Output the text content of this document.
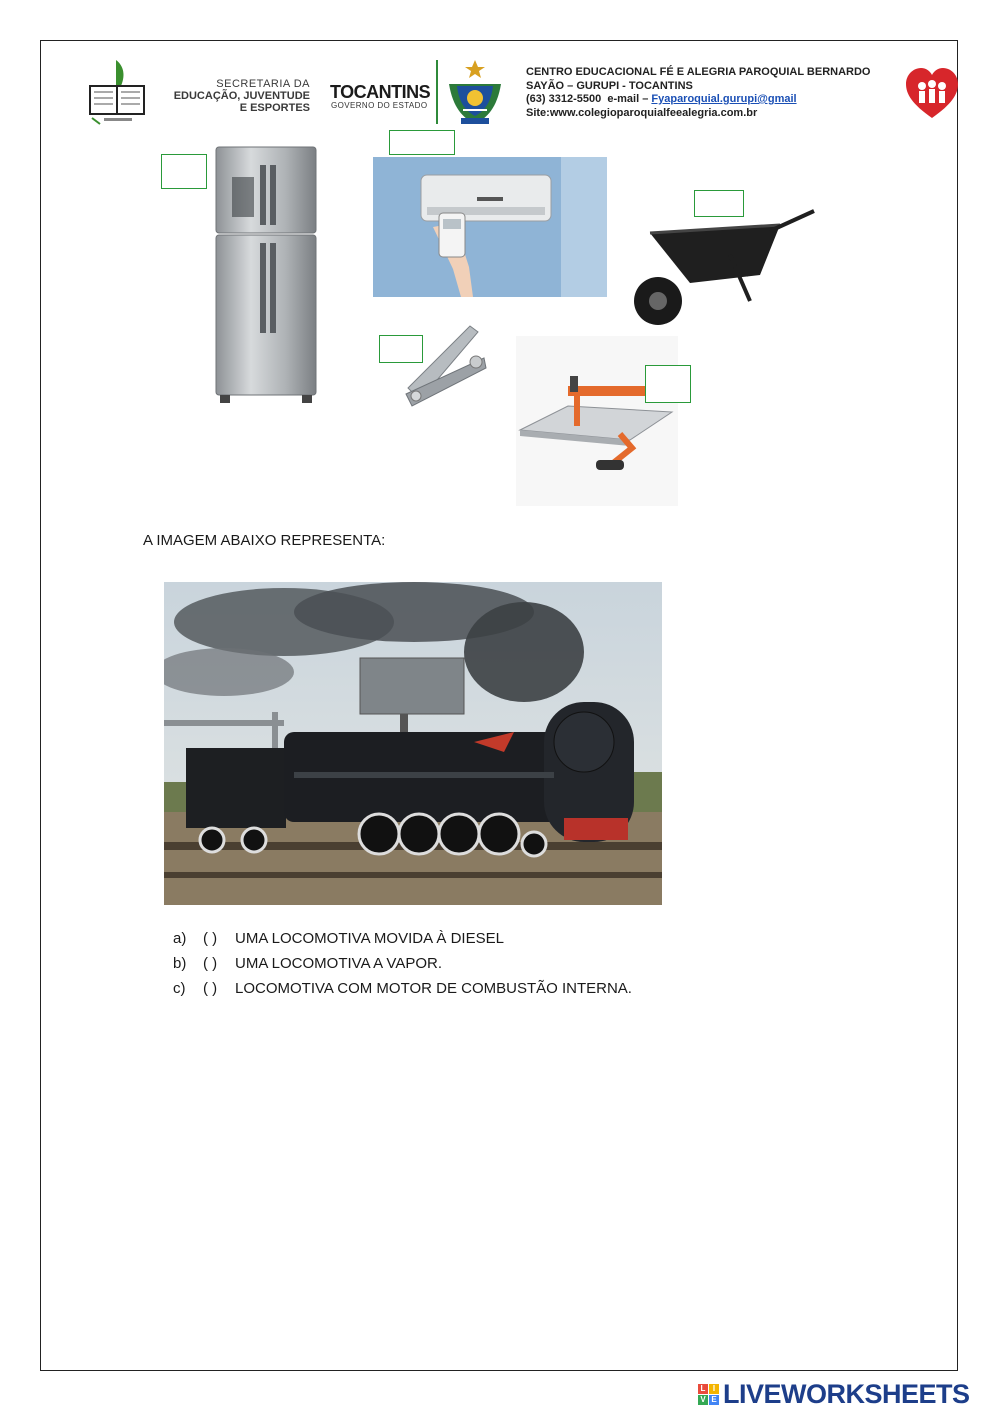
SECRETARIA DA
EDUCAÇÃO, JUVENTUDE
E ESPORTES
TOCANTINS
GOVERNO DO ESTADO
CENTRO EDUCACIONAL FÉ E ALEGRIA PAROQUIAL BERNARDO
SAYÃO – GURUPI - TOCANTINS
(63) 3312-5500 e-mail – Fyaparoquial.gurupi@gmail
Site:www.colegioparoquialfeealegria.com.br
A IMAGEM ABAIXO REPRESENTA:
a) ( ) UMA LOCOMOTIVA MOVIDA À DIESEL
b) ( ) UMA LOCOMOTIVA A VAPOR.
c) ( ) LOCOMOTIVA COM MOTOR DE COMBUSTÃO INTERNA.
L I
V E LIVEWORKSHEETS
